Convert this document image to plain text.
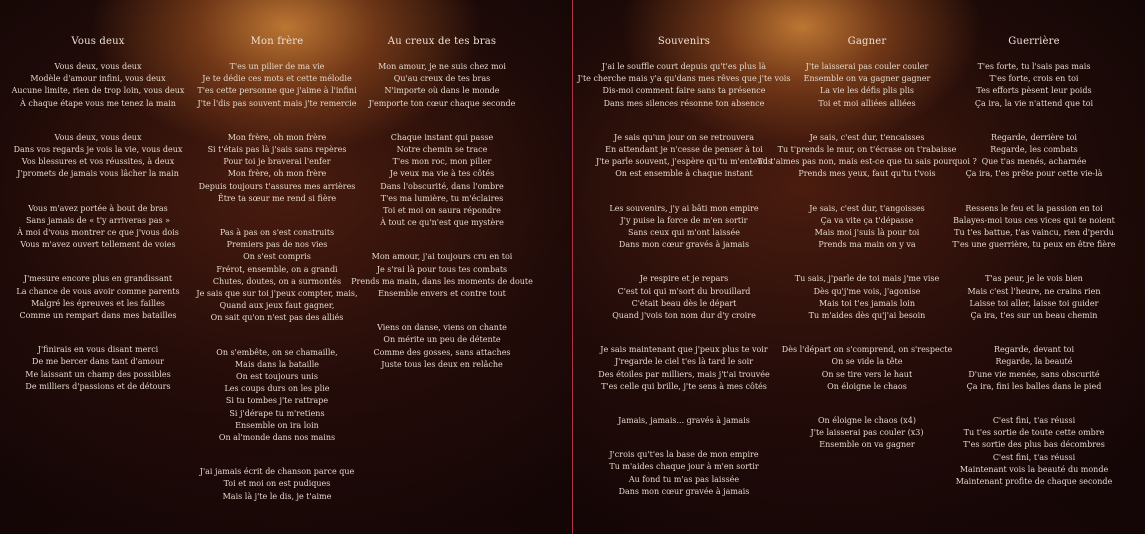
Vous deux
Vous deux, vous deux
Modèle d'amour infini, vous deux
Aucune limite, rien de trop loin, vous deux
À chaque étape vous me tenez la main
Vous deux, vous deux
Dans vos regards je vois la vie, vous deux
Vos blessures et vos réussites, à deux
J'promets de jamais vous lâcher la main
Vous m'avez portée à bout de bras
Sans jamais de « t'y arriveras pas »
À moi d'vous montrer ce que j'vous dois
Vous m'avez ouvert tellement de voies
J'mesure encore plus en grandissant
La chance de vous avoir comme parents
Malgré les épreuves et les failles
Comme un rempart dans mes batailles
J'finirais en vous disant merci
De me bercer dans tant d'amour
Me laissant un champ des possibles
De milliers d'passions et de détours
Mon frère
T'es un pilier de ma vie
Je te dédie ces mots et cette mélodie
T'es cette personne que j'aime à l'infini
J'te l'dis pas souvent mais j'te remercie
Mon frère, oh mon frère
Si t'étais pas là j'sais sans repères
Pour toi je braverai l'enfer
Mon frère, oh mon frère
Depuis toujours t'assures mes arrières
Être ta sœur me rend si fière
Pas à pas on s'est construits
Premiers pas de nos vies
On s'est compris
Frérot, ensemble, on a grandi
Chutes, doutes, on a surmontés
Je sais que sur toi j'peux compter, mais,
Quand aux jeux faut gagner,
On sait qu'on n'est pas des alliés
On s'embête, on se chamaille,
Mais dans la bataille
On est toujours unis
Les coups durs on les plie
Si tu tombes j'te rattrape
Si j'dérape tu m'retiens
Ensemble on ira loin
On al'monde dans nos mains
J'ai jamais écrit de chanson parce que
Toi et moi on est pudiques
Mais là j'te le dis, je t'aime
Au creux de tes bras
Mon amour, je ne suis chez moi
Qu'au creux de tes bras
N'importe où dans le monde
J'emporte ton cœur chaque seconde
Chaque instant qui passe
Notre chemin se trace
T'es mon roc, mon pilier
Je veux ma vie à tes côtés
Dans l'obscurité, dans l'ombre
T'es ma lumière, tu m'éclaires
Toi et moi on saura répondre
À tout ce qu'n'est que mystère
Mon amour, j'ai toujours cru en toi
Je s'rai là pour tous tes combats
Prends ma main, dans les moments de doute
Ensemble envers et contre tout
Viens on danse, viens on chante
On mérite un peu de détente
Comme des gosses, sans attaches
Juste tous les deux en relâche
Souvenirs
J'ai le souffle court depuis qu't'es plus là
J'te cherche mais y'a qu'dans mes rêves que j'te vois
Dis-moi comment faire sans ta présence
Dans mes silences résonne ton absence
Je sais qu'un jour on se retrouvera
En attendant je n'cesse de penser à toi
J'te parle souvent, j'espère qu'tu m'entends
On est ensemble à chaque instant
Les souvenirs, j'y ai bâti mon empire
J'y puise la force de m'en sortir
Sans ceux qui m'ont laissée
Dans mon cœur gravés à jamais
Je respire et je repars
C'est toi qui m'sort du brouillard
C'était beau dès le départ
Quand j'vois ton nom dur d'y croire
Je sais maintenant que j'peux plus te voir
J'regarde le ciel t'es là tard le soir
Des étoiles par milliers, mais j't'ai trouvée
T'es celle qui brille, j'te sens à mes côtés
Jamais, jamais... gravés à jamais
J'crois qu't'es la base de mon empire
Tu m'aides chaque jour à m'en sortir
Au fond tu m'as pas laissée
Dans mon cœur gravée à jamais
Gagner
J'te laisserai pas couler couler
Ensemble on va gagner gagner
La vie les défis plis plis
Toi et moi alliées alliées
Je sais, c'est dur, t'encaisses
Tu t'prends le mur, on t'écrase on t'rabaisse
Tu t'aimes pas non, mais est-ce que tu sais pourquoi ?
Prends mes yeux, faut qu'tu t'vois
Je sais, c'est dur, t'angoisses
Ça va vite ça t'dépasse
Mais moi j'suis là pour toi
Prends ma main on y va
Tu sais, j'parle de toi mais j'me vise
Dès qu'j'me vois, j'agonise
Mais toi t'es jamais loin
Tu m'aides dès qu'j'ai besoin
Dès l'départ on s'comprend, on s'respecte
On se vide la tête
On se tire vers le haut
On éloigne le chaos
On éloigne le chaos (x4)
J'te laisserai pas couler (x3)
Ensemble on va gagner
Guerrière
T'es forte, tu l'sais pas mais
T'es forte, crois en toi
Tes efforts pèsent leur poids
Ça ira, la vie n'attend que toi
Regarde, derrière toi
Regarde, les combats
Que t'as menés, acharnée
Ça ira, t'es prête pour cette vie-là
Ressens le feu et la passion en toi
Balayes-moi tous ces vices qui te noient
Tu t'es battue, t'as vaincu, rien d'perdu
T'es une guerrière, tu peux en être fière
T'as peur, je le vois bien
Mais c'est l'heure, ne crains rien
Laisse toi aller, laisse toi guider
Ça ira, t'es sur un beau chemin
Regarde, devant toi
Regarde, la beauté
D'une vie menée, sans obscurité
Ça ira, fini les balles dans le pied
C'est fini, t'as réussi
Tu t'es sortie de toute cette ombre
T'es sortie des plus bas décombres
C'est fini, t'as réussi
Maintenant vois la beauté du monde
Maintenant profite de chaque seconde
